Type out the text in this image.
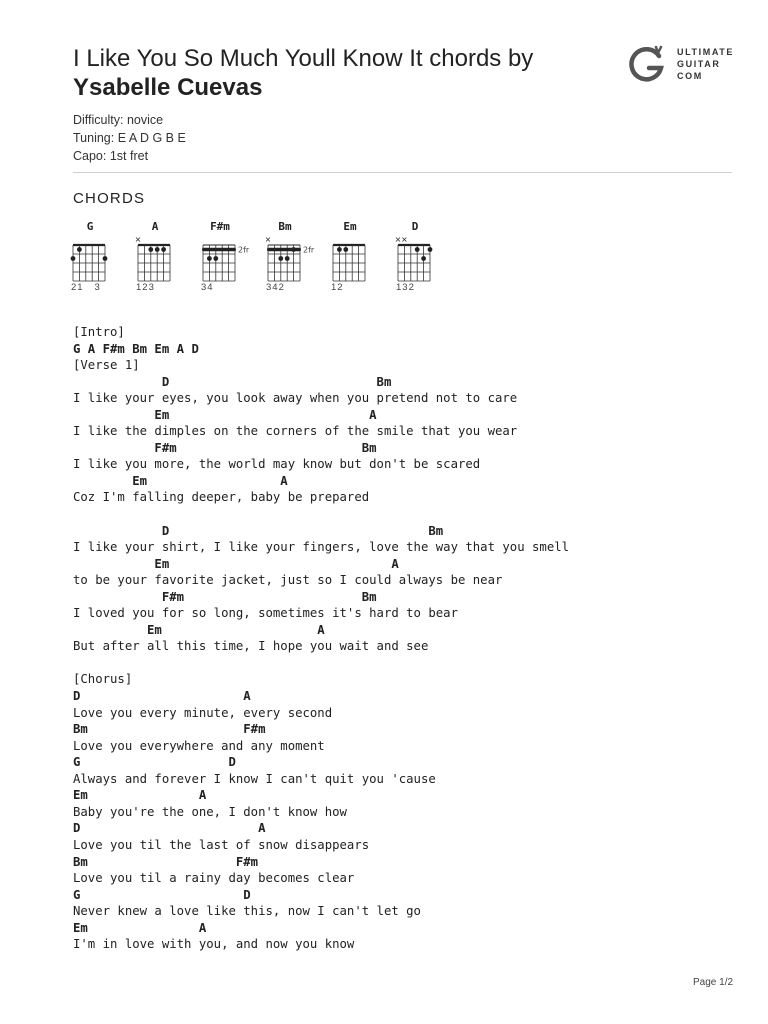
I Like You So Much Youll Know It chords by
Ysabelle Cuevas
ULTIMATE
GUITAR
COM
Difficulty: novice
Tuning: E A D G B E
Capo: 1st fret
CHORDS
G
21   3
A
×
123
F#m
2fr
34
Bm
×
2fr
342
Em
12
D
× ×
132
[Intro]
G A F#m Bm Em A D
[Verse 1]
D                            Bm
I like your eyes, you look away when you pretend not to care
Em                           A
I like the dimples on the corners of the smile that you wear
F#m                         Bm
I like you more, the world may know but don't be scared
Em                  A
Coz I'm falling deeper, baby be prepared
D                                   Bm
I like your shirt, I like your fingers, love the way that you smell
Em                              A
to be your favorite jacket, just so I could always be near
F#m                        Bm
I loved you for so long, sometimes it's hard to bear
Em                     A
But after all this time, I hope you wait and see
[Chorus]
D                      A
Love you every minute, every second
Bm                     F#m
Love you everywhere and any moment
G                    D
Always and forever I know I can't quit you 'cause
Em               A
Baby you're the one, I don't know how
D                        A
Love you til the last of snow disappears
Bm                    F#m
Love you til a rainy day becomes clear
G                      D
Never knew a love like this, now I can't let go
Em               A
I'm in love with you, and now you know
Page 1/2
